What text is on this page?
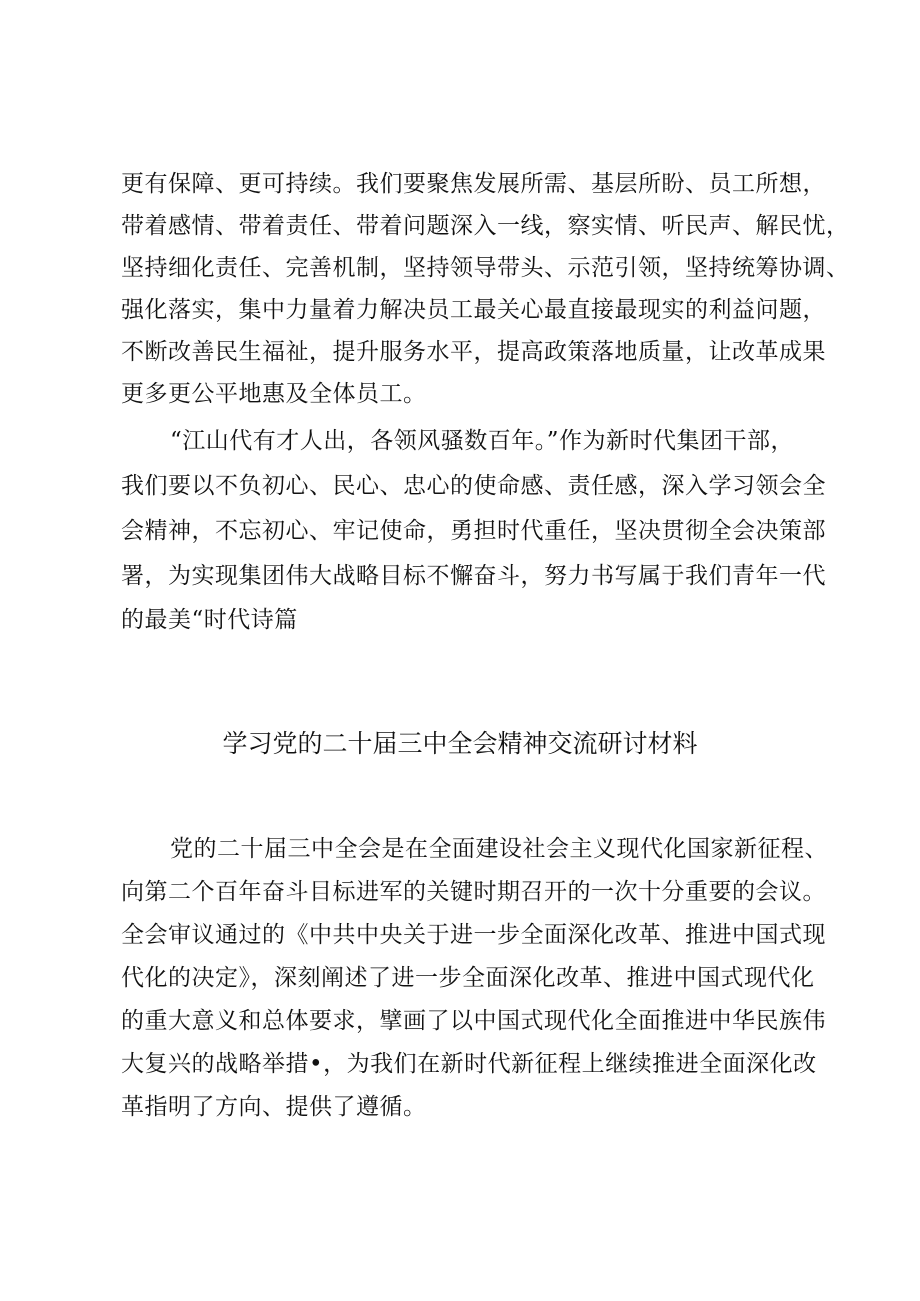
更有保障、更可持续。我们要聚焦发展所需、基层所盼、员工所想，
带着感情、带着责任、带着问题深入一线，察实情、听民声、解民忧，
坚持细化责任、完善机制，坚持领导带头、示范引领，坚持统筹协调、
强化落实，集中力量着力解决员工最关心最直接最现实的利益问题，
不断改善民生福祉，提升服务水平，提高政策落地质量，让改革成果
更多更公平地惠及全体员工。
“江山代有才人出，各领风骚数百年。”作为新时代集团干部，
我们要以不负初心、民心、忠心的使命感、责任感，深入学习领会全
会精神，不忘初心、牢记使命，勇担时代重任，坚决贯彻全会决策部
署，为实现集团伟大战略目标不懈奋斗，努力书写属于我们青年一代
的最美“时代诗篇
学习党的二十届三中全会精神交流研讨材料
党的二十届三中全会是在全面建设社会主义现代化国家新征程、
向第二个百年奋斗目标进军的关键时期召开的一次十分重要的会议。
全会审议通过的《中共中央关于进一步全面深化改革、推进中国式现
代化的决定》，深刻阐述了进一步全面深化改革、推进中国式现代化
的重大意义和总体要求，擘画了以中国式现代化全面推进中华民族伟
大复兴的战略举措•，为我们在新时代新征程上继续推进全面深化改
革指明了方向、提供了遵循。
